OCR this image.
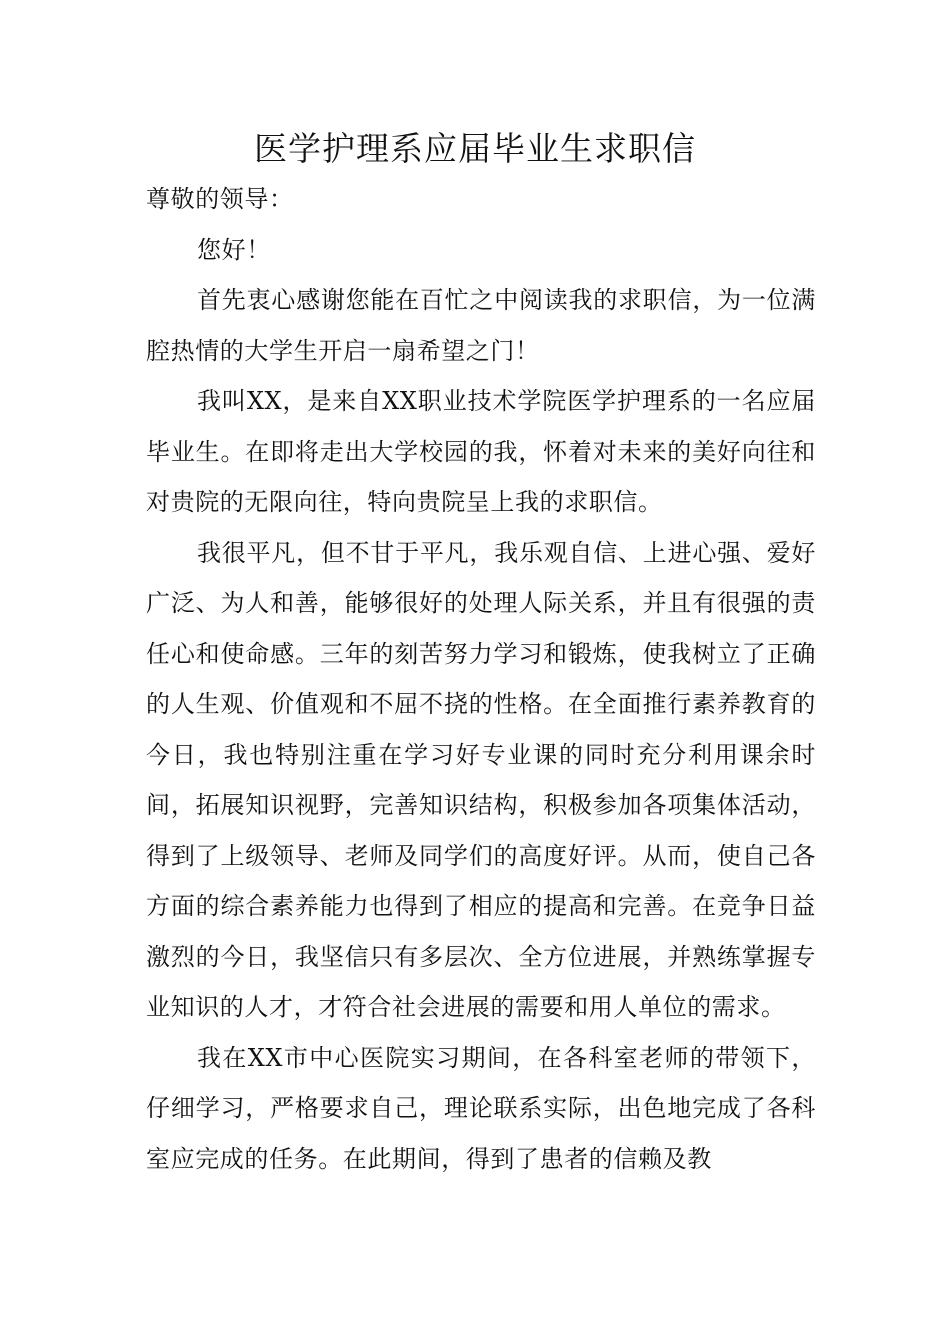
医学护理系应届毕业生求职信

尊敬的领导：

您好！

首先衷心感谢您能在百忙之中阅读我的求职信，为一位满腔热情的大学生开启一扇希望之门！

我叫XX，是来自XX职业技术学院医学护理系的一名应届毕业生。在即将走出大学校园的我，怀着对未来的美好向往和对贵院的无限向往，特向贵院呈上我的求职信。

我很平凡，但不甘于平凡，我乐观自信、上进心强、爱好广泛、为人和善，能够很好的处理人际关系，并且有很强的责任心和使命感。三年的刻苦努力学习和锻炼，使我树立了正确的人生观、价值观和不屈不挠的性格。在全面推行素养教育的今日，我也特别注重在学习好专业课的同时充分利用课余时间，拓展知识视野，完善知识结构，积极参加各项集体活动，得到了上级领导、老师及同学们的高度好评。从而，使自己各方面的综合素养能力也得到了相应的提高和完善。在竞争日益激烈的今日，我坚信只有多层次、全方位进展，并熟练掌握专业知识的人才，才符合社会进展的需要和用人单位的需求。

我在XX市中心医院实习期间，在各科室老师的带领下，仔细学习，严格要求自己，理论联系实际，出色地完成了各科室应完成的任务。在此期间，得到了患者的信赖及教
